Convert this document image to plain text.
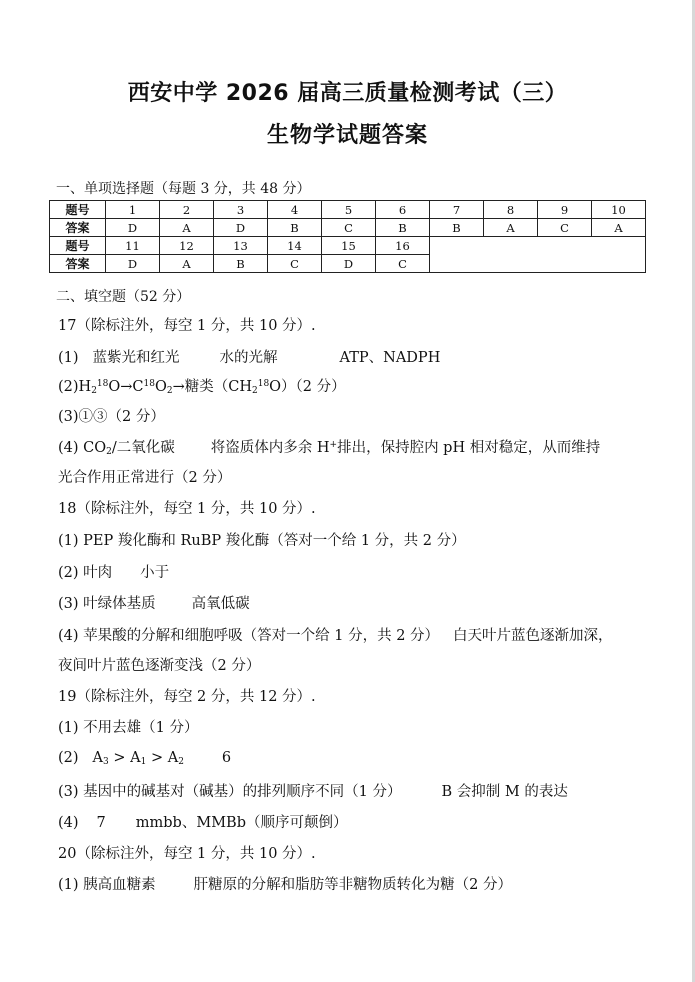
西安中学 2026 届高三质量检测考试（三）
生物学试题答案
一、单项选择题（每题 3 分，共 48 分）
题号	1	2	3	4	5	6	7	8	9	10
答案	D	A	D	B	C	B	B	A	C	A
题号	11	12	13	14	15	16				
答案	D	A	B	C	D	C				
二、填空题（52 分）
17（除标注外，每空 1 分，共 10 分）.
(1) 蓝紫光和红光	水的光解	ATP、NADPH
$(2)H_2^{18}O\to C^{18}O_2\to$糖类$(CH_2^{18}O)(2$ 分）
(3)①③（2 分）
(4) $CO_2/$二氧化碳 将盗质体内多余 H+排出，保持腔内 pH 相对稳定，从而维持
光合作用正常进行（2 分）
18（除标注外，每空 1 分，共 10 分）.
(1) PEP 羧化酶和 RuBP 羧化酶（答对一个给 1 分，共 2 分）
(2) 叶肉 小于
(3) 叶绿体基质 高氧低碳
(4) 苹果酸的分解和细胞呼吸（答对一个给 1 分，共 2 分） 白天叶片蓝色逐渐加深，
夜间叶片蓝色逐渐变浅（2 分）
19（除标注外，每空 2 分，共 12 分）.
(1) 不用去雄（1 分）
(2) $A_3 > A_1 > A_2$	6
(3) 基因中的碱基对（碱基）的排列顺序不同（1 分）	B 会抑制 M 的表达
(4) 7 mmbb、MMBb（顺序可颠倒）
20（除标注外，每空 1 分，共 10 分）.
(1) 胰高血糖素	肝糖原的分解和脂肪等非糖物质转化为糖（2 分）
